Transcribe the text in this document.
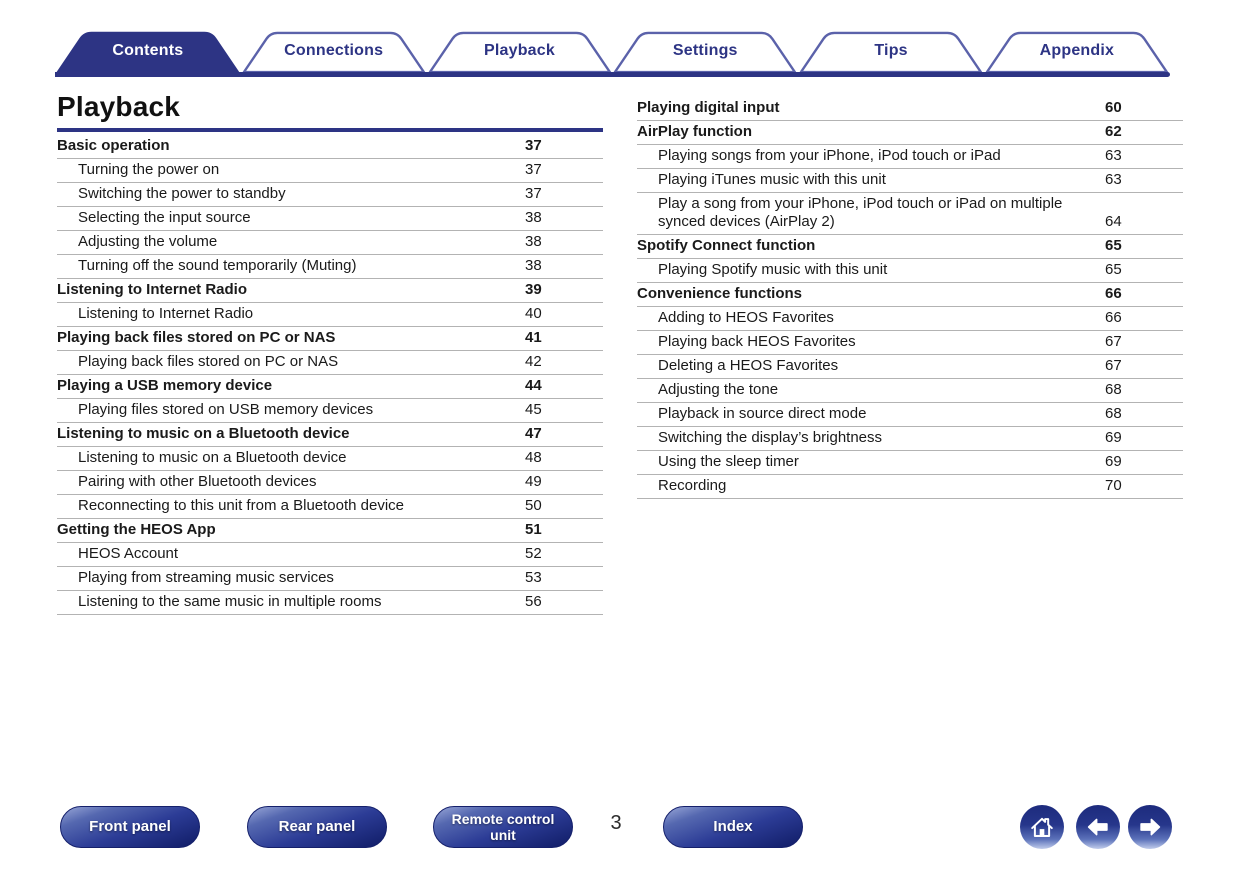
Contents	Connections	Playback	Settings	Tips	Appendix
Playback
Basic operation	37
Turning the power on	37
Switching the power to standby	37
Selecting the input source	38
Adjusting the volume	38
Turning off the sound temporarily (Muting)	38
Listening to Internet Radio	39
Listening to Internet Radio	40
Playing back files stored on PC or NAS	41
Playing back files stored on PC or NAS	42
Playing a USB memory device	44
Playing files stored on USB memory devices	45
Listening to music on a Bluetooth device	47
Listening to music on a Bluetooth device	48
Pairing with other Bluetooth devices	49
Reconnecting to this unit from a Bluetooth device	50
Getting the HEOS App	51
HEOS Account	52
Playing from streaming music services	53
Listening to the same music in multiple rooms	56
Playing digital input	60
AirPlay function	62
Playing songs from your iPhone, iPod touch or iPad	63
Playing iTunes music with this unit	63
Play a song from your iPhone, iPod touch or iPad on multiple synced devices (AirPlay 2)	64
Spotify Connect function	65
Playing Spotify music with this unit	65
Convenience functions	66
Adding to HEOS Favorites	66
Playing back HEOS Favorites	67
Deleting a HEOS Favorites	67
Adjusting the tone	68
Playback in source direct mode	68
Switching the display’s brightness	69
Using the sleep timer	69
Recording	70
Front panel	Rear panel	Remote control unit
3	Index
